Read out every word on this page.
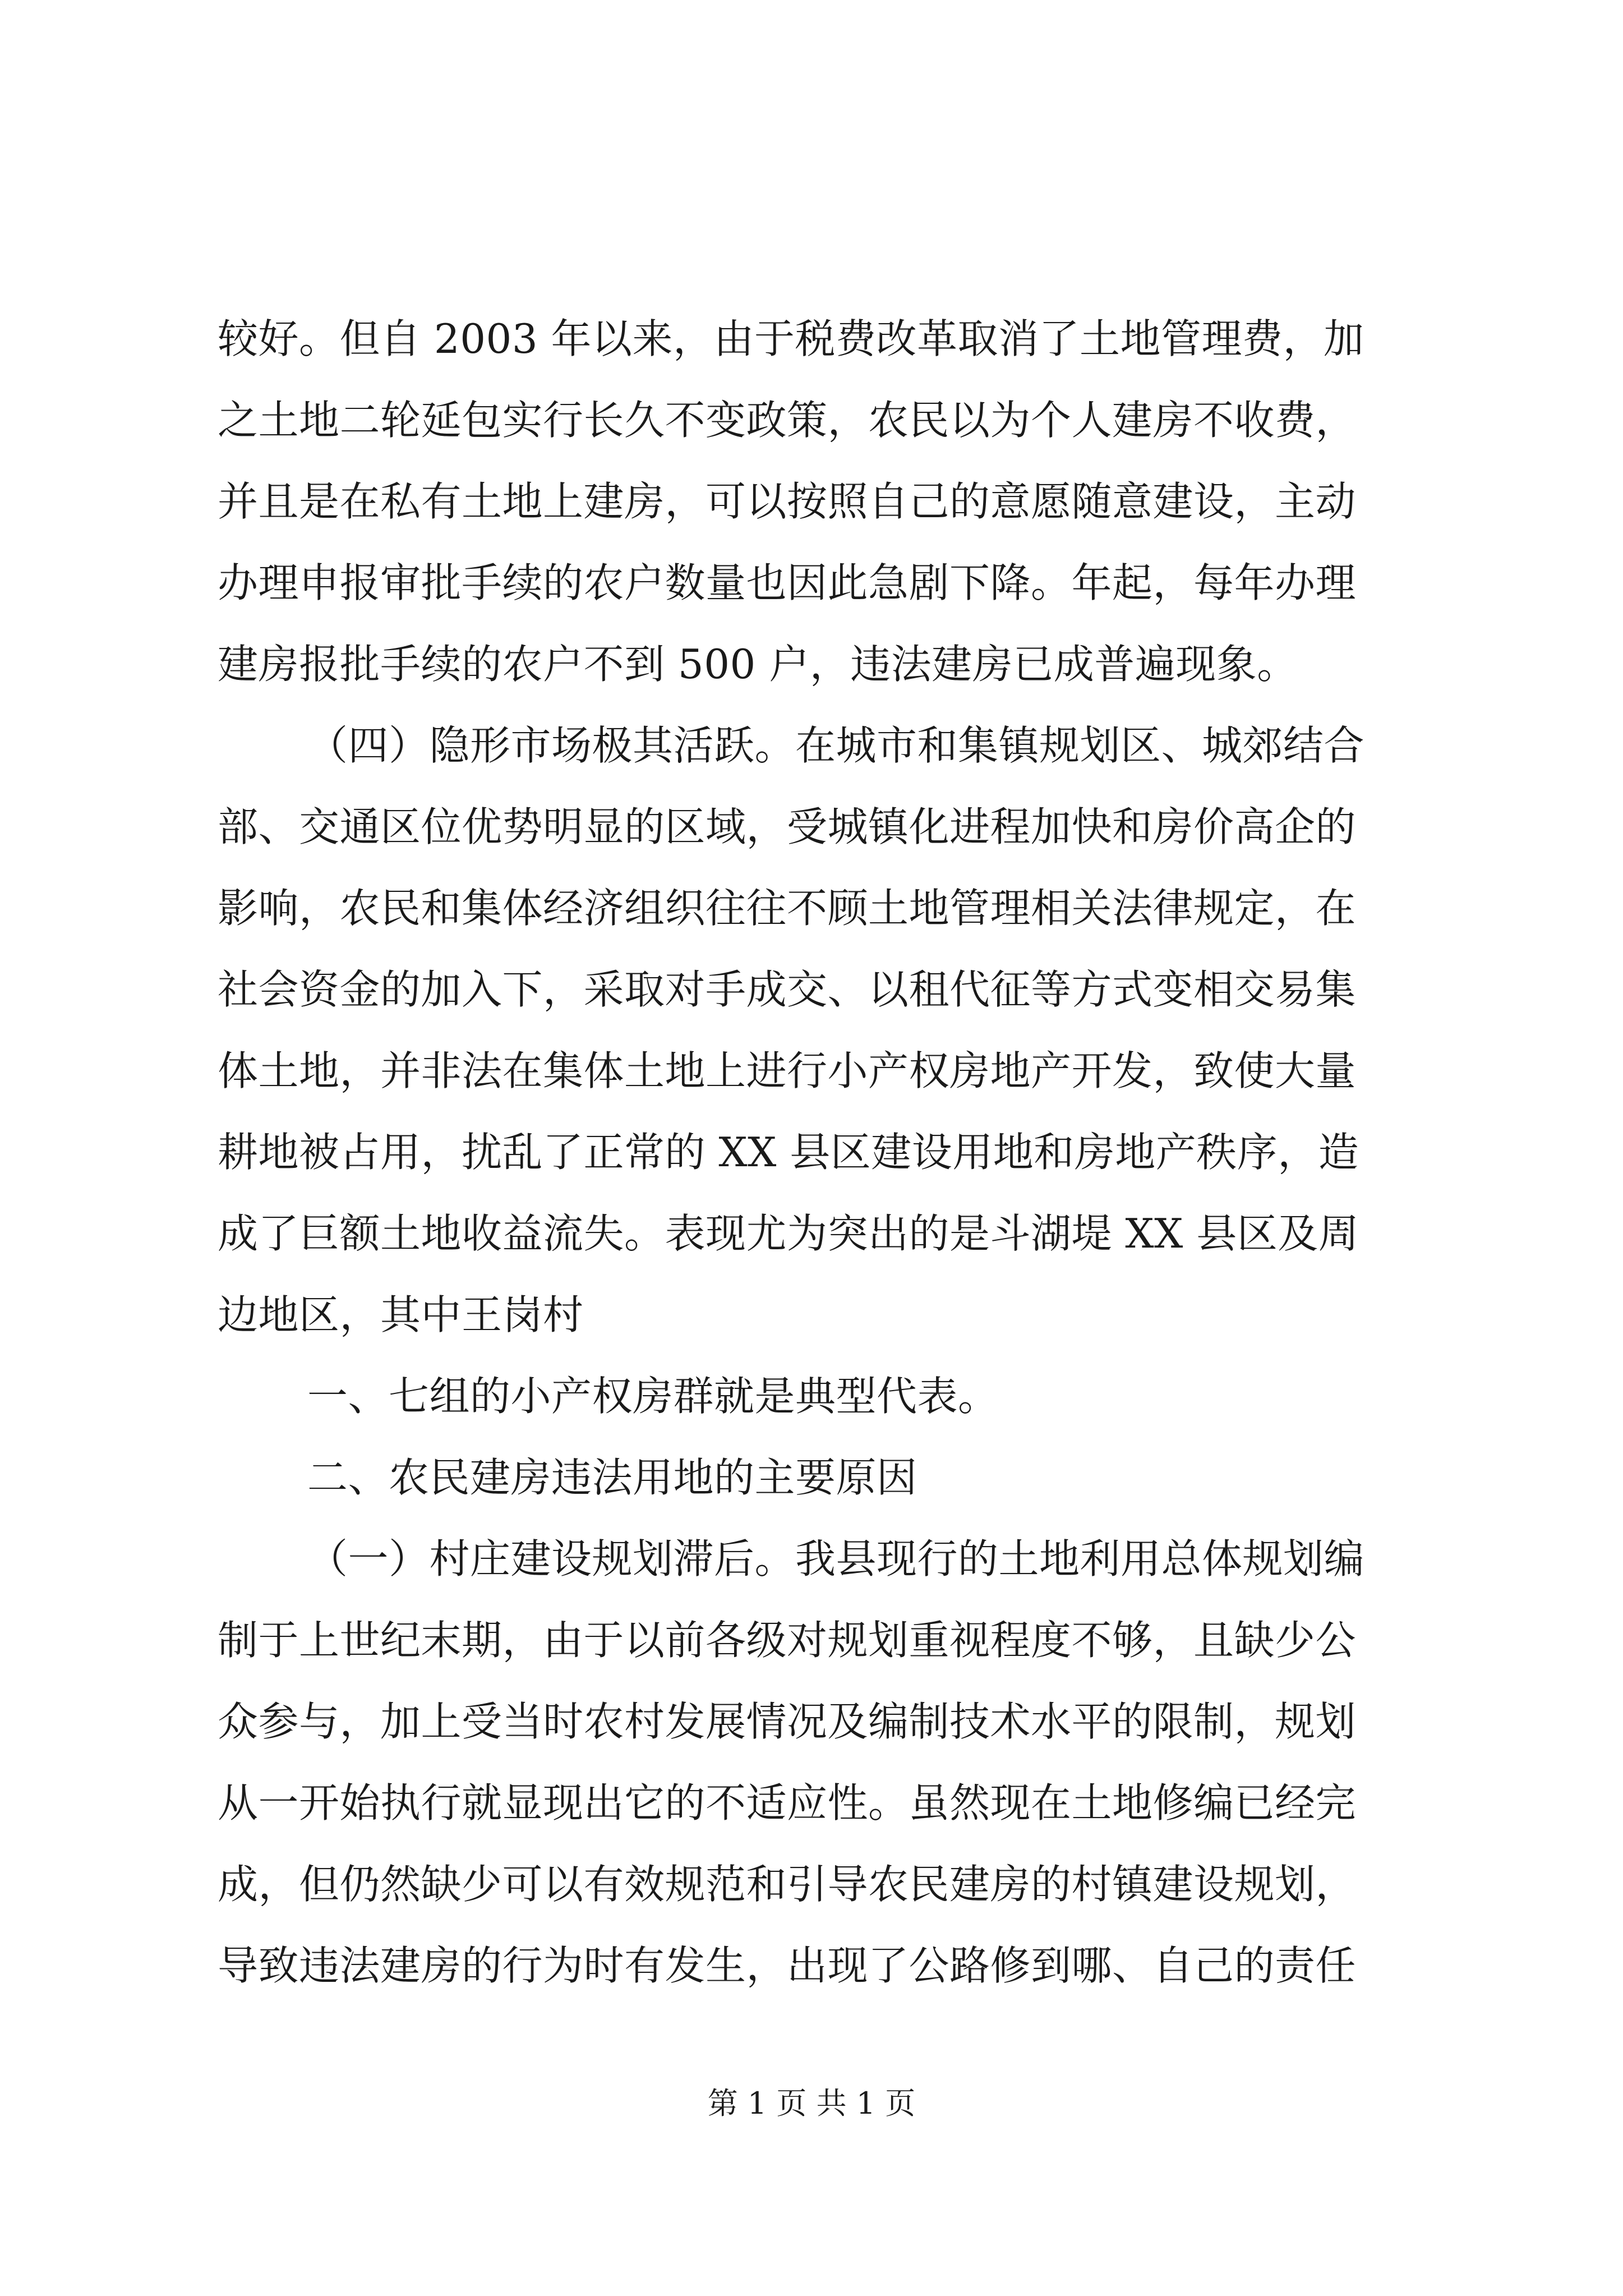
较好。但自 2003 年以来，由于税费改革取消了土地管理费，加
之土地二轮延包实行长久不变政策，农民以为个人建房不收费，
并且是在私有土地上建房，可以按照自己的意愿随意建设，主动
办理申报审批手续的农户数量也因此急剧下降。年起，每年办理
建房报批手续的农户不到 500 户，违法建房已成普遍现象。
（四）隐形市场极其活跃。在城市和集镇规划区、城郊结合
部、交通区位优势明显的区域，受城镇化进程加快和房价高企的
影响，农民和集体经济组织往往不顾土地管理相关法律规定，在
社会资金的加入下，采取对手成交、以租代征等方式变相交易集
体土地，并非法在集体土地上进行小产权房地产开发，致使大量
耕地被占用，扰乱了正常的 XX 县区建设用地和房地产秩序，造
成了巨额土地收益流失。表现尤为突出的是斗湖堤 XX 县区及周
边地区，其中王岗村
一、七组的小产权房群就是典型代表。
二、农民建房违法用地的主要原因
（一）村庄建设规划滞后。我县现行的土地利用总体规划编
制于上世纪末期，由于以前各级对规划重视程度不够，且缺少公
众参与，加上受当时农村发展情况及编制技术水平的限制，规划
从一开始执行就显现出它的不适应性。虽然现在土地修编已经完
成，但仍然缺少可以有效规范和引导农民建房的村镇建设规划，
导致违法建房的行为时有发生，出现了公路修到哪、自己的责任
第 1 页 共 1 页
